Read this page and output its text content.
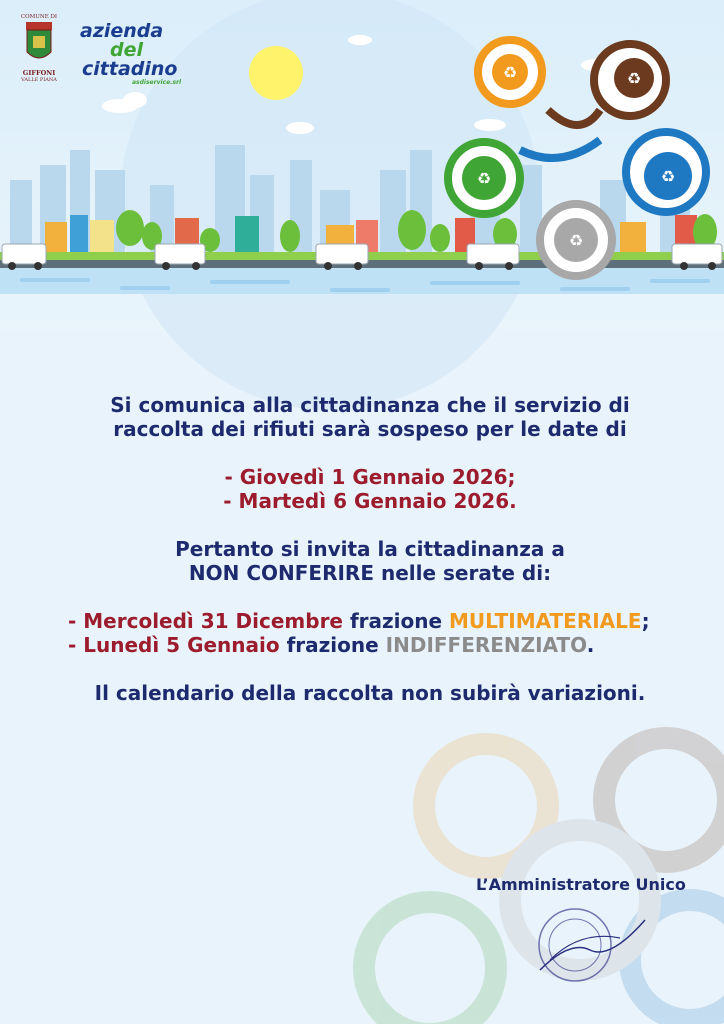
♻	♻
♻	♻
♻
COMUNE DI
GIFFONI
VALLE PIANA
azienda
del
cittadino
asdiservice.srl
Si comunica alla cittadinanza che il servizio di
raccolta dei rifiuti sarà sospeso per le date di
- Giovedì 1 Gennaio 2026;
- Martedì 6 Gennaio 2026.
Pertanto si invita la cittadinanza a
NON CONFERIRE nelle serate di:
- Mercoledì 31 Dicembre frazione MULTIMATERIALE;
- Lunedì 5 Gennaio frazione INDIFFERENZIATO.
Il calendario della raccolta non subirà variazioni.
L’Amministratore Unico
